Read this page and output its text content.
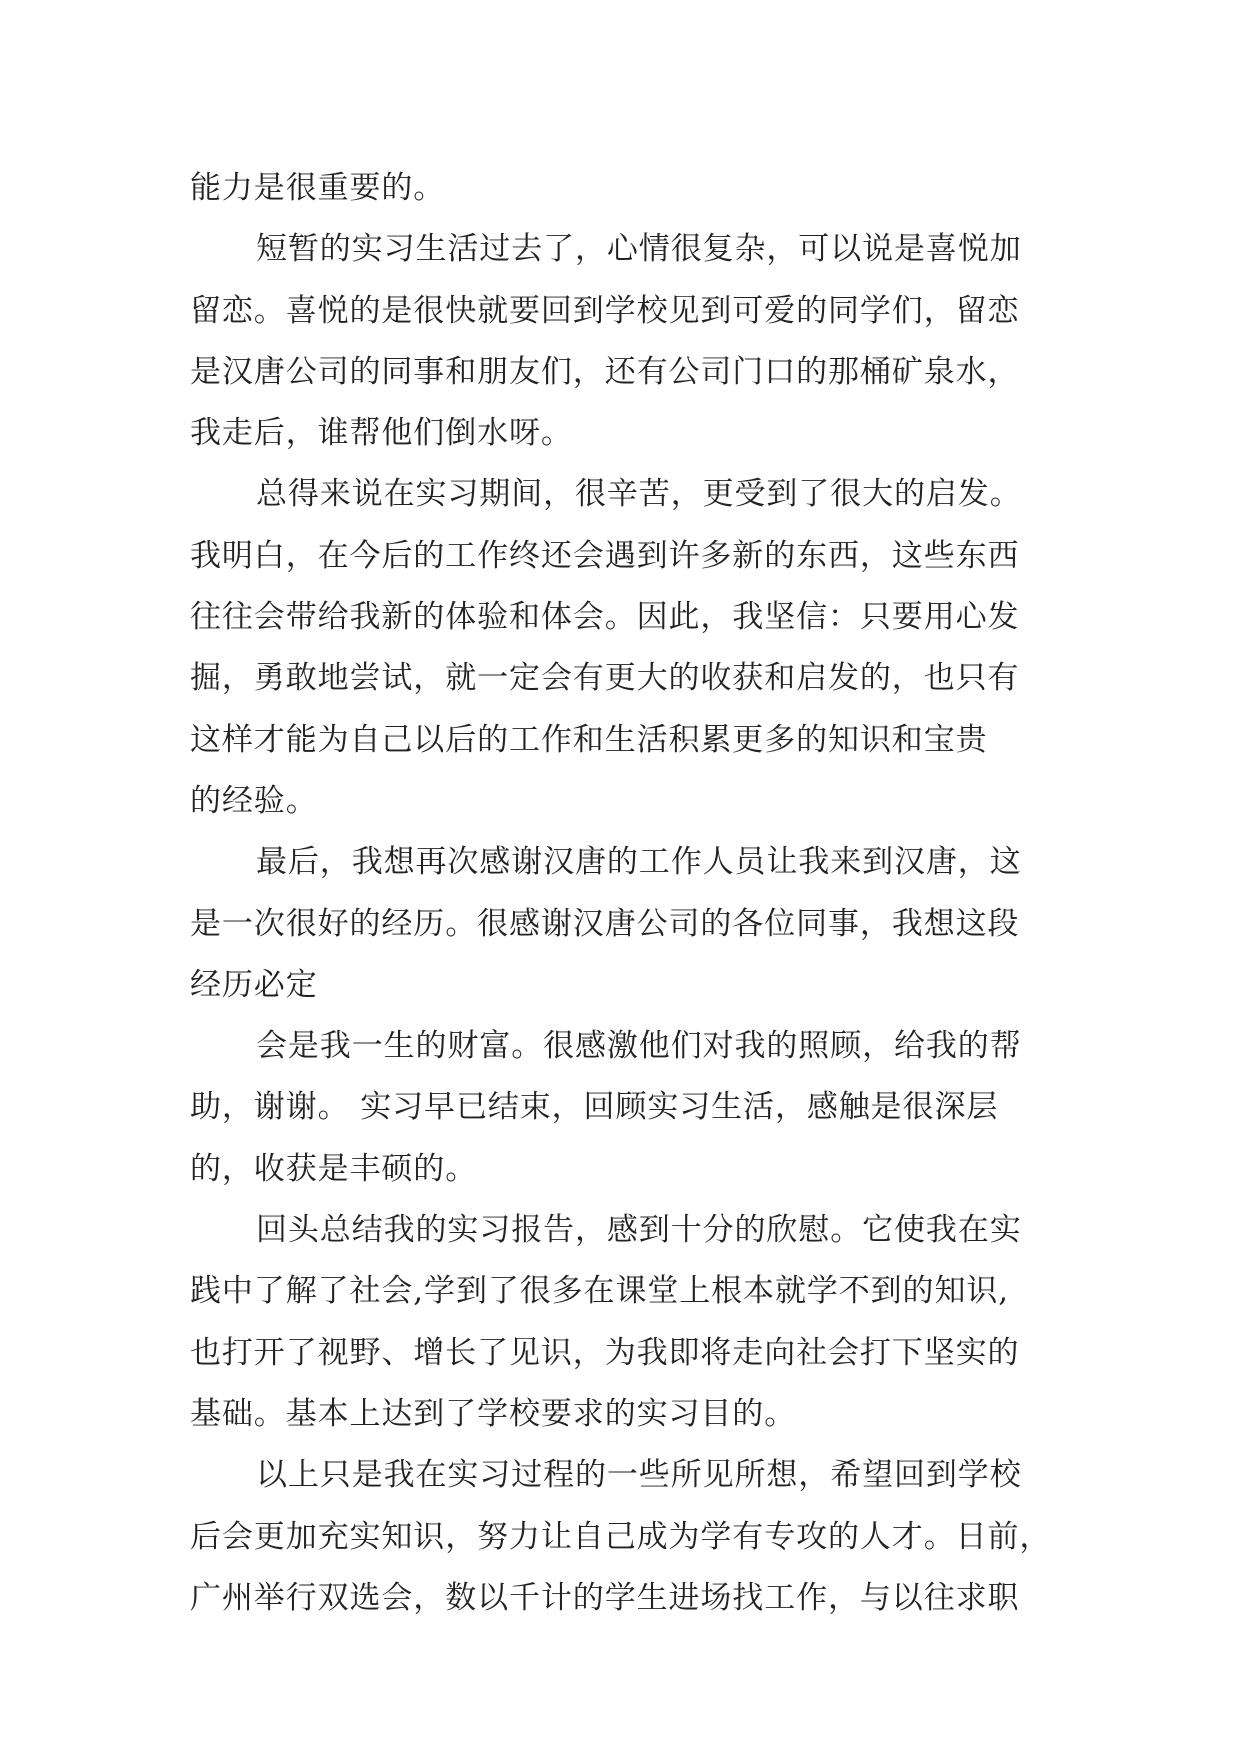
能力是很重要的。
短暂的实习生活过去了，心情很复杂，可以说是喜悦加
留恋。喜悦的是很快就要回到学校见到可爱的同学们，留恋
是汉唐公司的同事和朋友们，还有公司门口的那桶矿泉水，
我走后，谁帮他们倒水呀。
总得来说在实习期间，很辛苦，更受到了很大的启发。
我明白，在今后的工作终还会遇到许多新的东西，这些东西
往往会带给我新的体验和体会。因此，我坚信：只要用心发
掘，勇敢地尝试，就一定会有更大的收获和启发的，也只有
这样才能为自己以后的工作和生活积累更多的知识和宝贵
的经验。
最后，我想再次感谢汉唐的工作人员让我来到汉唐，这
是一次很好的经历。很感谢汉唐公司的各位同事，我想这段
经历必定
会是我一生的财富。很感激他们对我的照顾，给我的帮
助，谢谢。 实习早已结束，回顾实习生活，感触是很深层
的，收获是丰硕的。
回头总结我的实习报告，感到十分的欣慰。它使我在实
践中了解了社会,学到了很多在课堂上根本就学不到的知识,
也打开了视野、增长了见识，为我即将走向社会打下坚实的
基础。基本上达到了学校要求的实习目的。
以上只是我在实习过程的一些所见所想，希望回到学校
后会更加充实知识，努力让自己成为学有专攻的人才。日前，
广州举行双选会，数以千计的学生进场找工作，与以往求职
